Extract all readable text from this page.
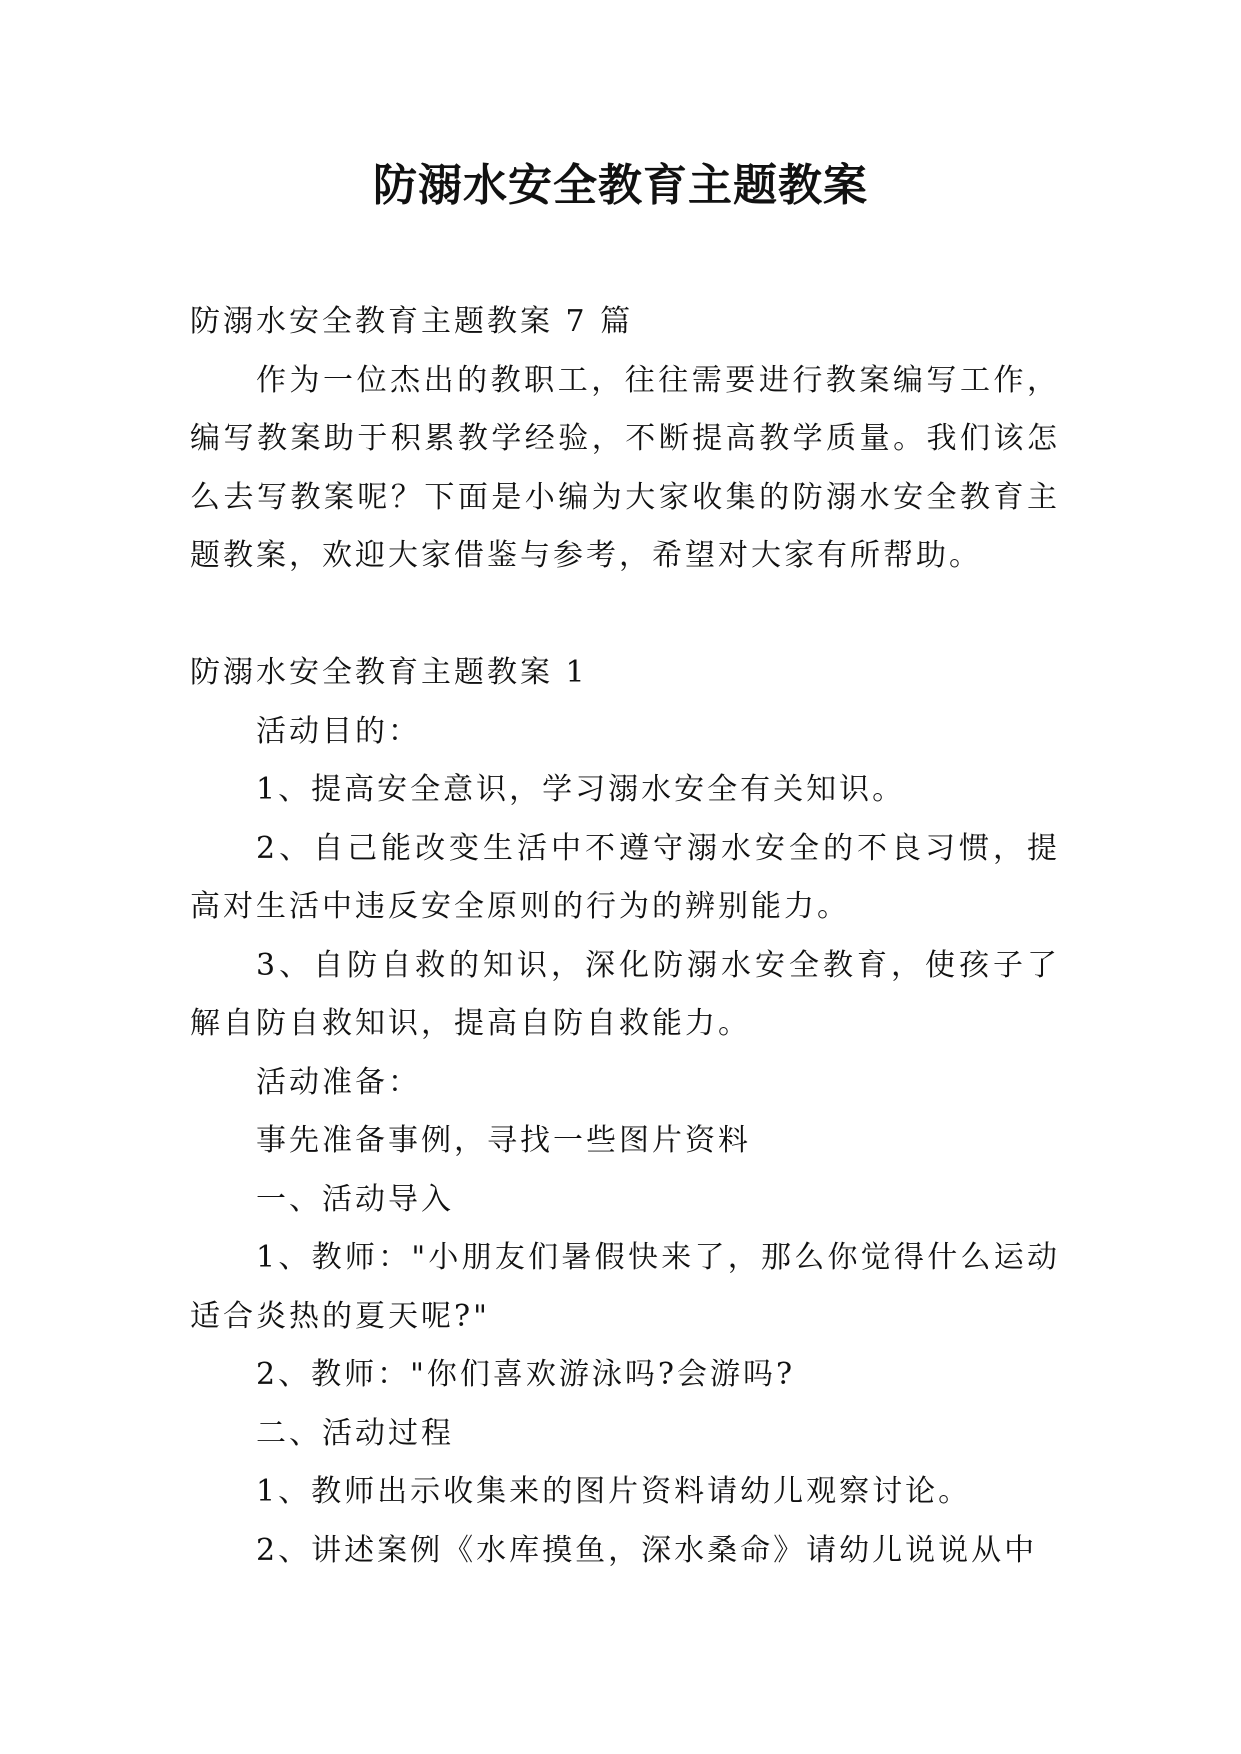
防溺水安全教育主题教案

防溺水安全教育主题教案 7 篇

作为一位杰出的教职工，往往需要进行教案编写工作，编写教案助于积累教学经验，不断提高教学质量。我们该怎么去写教案呢？下面是小编为大家收集的防溺水安全教育主题教案，欢迎大家借鉴与参考，希望对大家有所帮助。

防溺水安全教育主题教案 1

活动目的：

1、提高安全意识，学习溺水安全有关知识。

2、自己能改变生活中不遵守溺水安全的不良习惯，提高对生活中违反安全原则的行为的辨别能力。

3、自防自救的知识，深化防溺水安全教育，使孩子了解自防自救知识，提高自防自救能力。

活动准备：

事先准备事例，寻找一些图片资料

一、活动导入

1、教师："小朋友们暑假快来了，那么你觉得什么运动适合炎热的夏天呢?"

2、教师："你们喜欢游泳吗?会游吗?

二、活动过程

1、教师出示收集来的图片资料请幼儿观察讨论。

2、讲述案例《水库摸鱼，深水桑命》请幼儿说说从中
